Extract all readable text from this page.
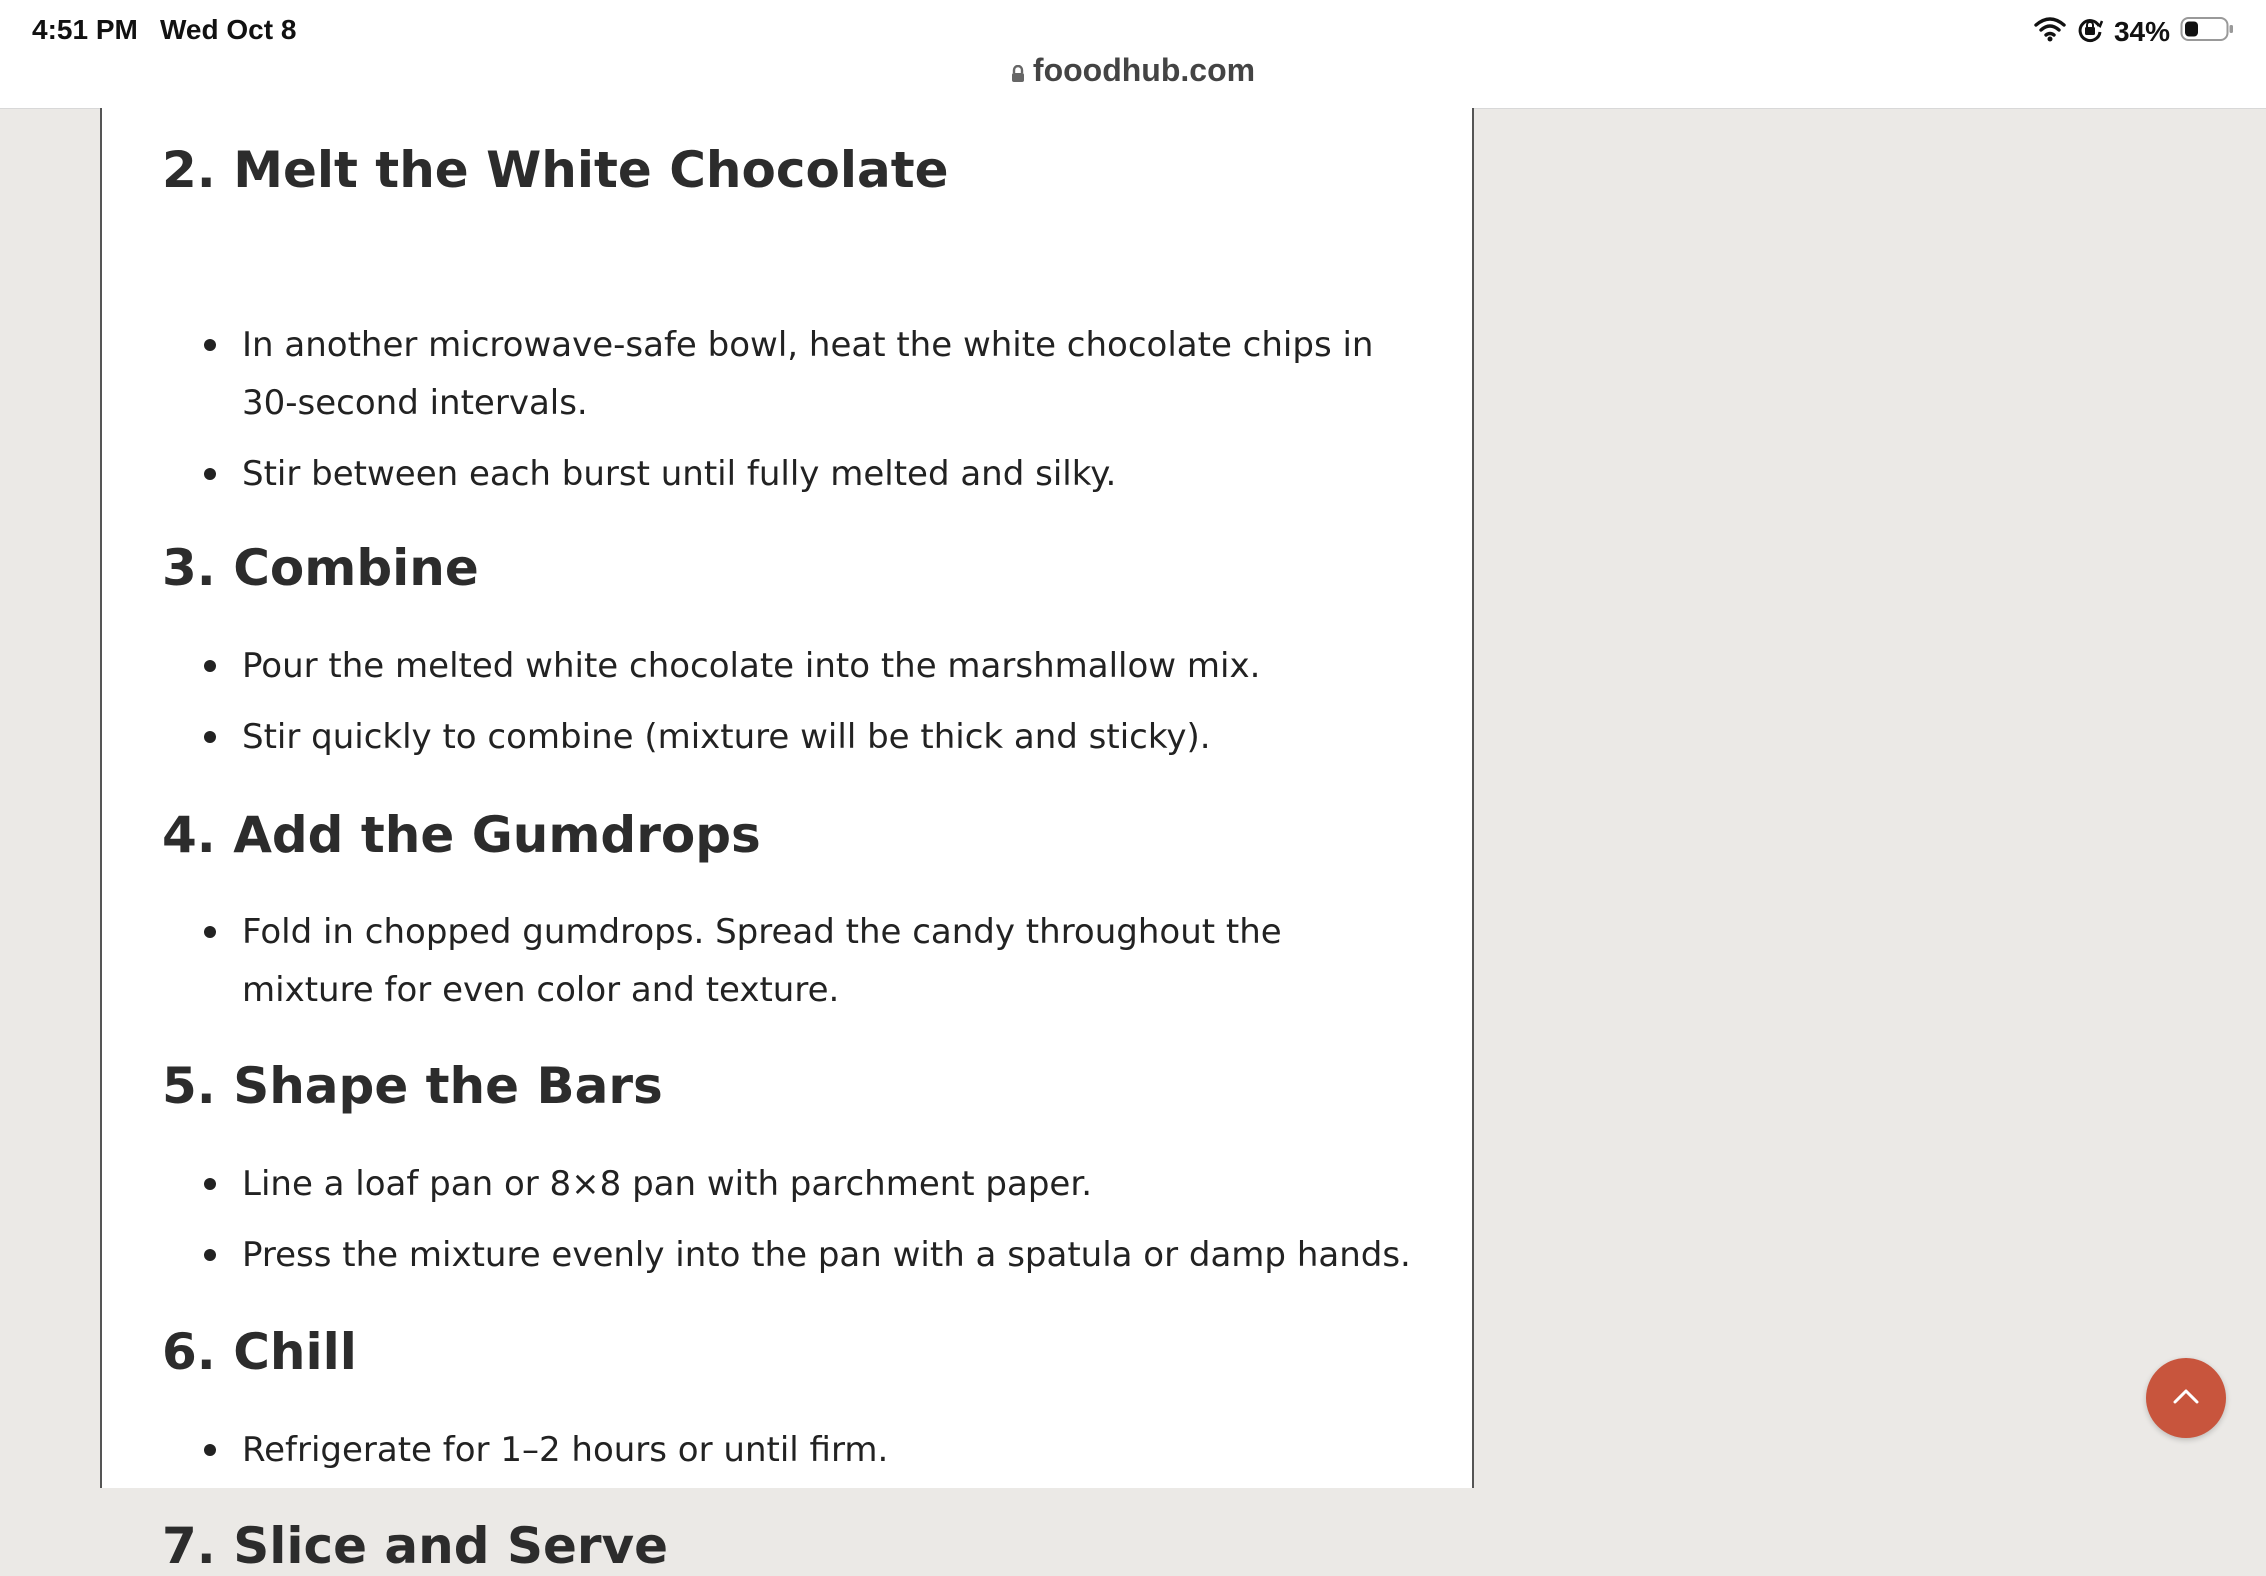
4:51 PM Wed Oct 8
fooodhub.com
34%
2. Melt the White Chocolate
In another microwave-safe bowl, heat the white chocolate chips in 30-second intervals.
Stir between each burst until fully melted and silky.
3. Combine
Pour the melted white chocolate into the marshmallow mix.
Stir quickly to combine (mixture will be thick and sticky).
4. Add the Gumdrops
Fold in chopped gumdrops. Spread the candy throughout the mixture for even color and texture.
5. Shape the Bars
Line a loaf pan or 8×8 pan with parchment paper.
Press the mixture evenly into the pan with a spatula or damp hands.
6. Chill
Refrigerate for 1–2 hours or until firm.
7. Slice and Serve
